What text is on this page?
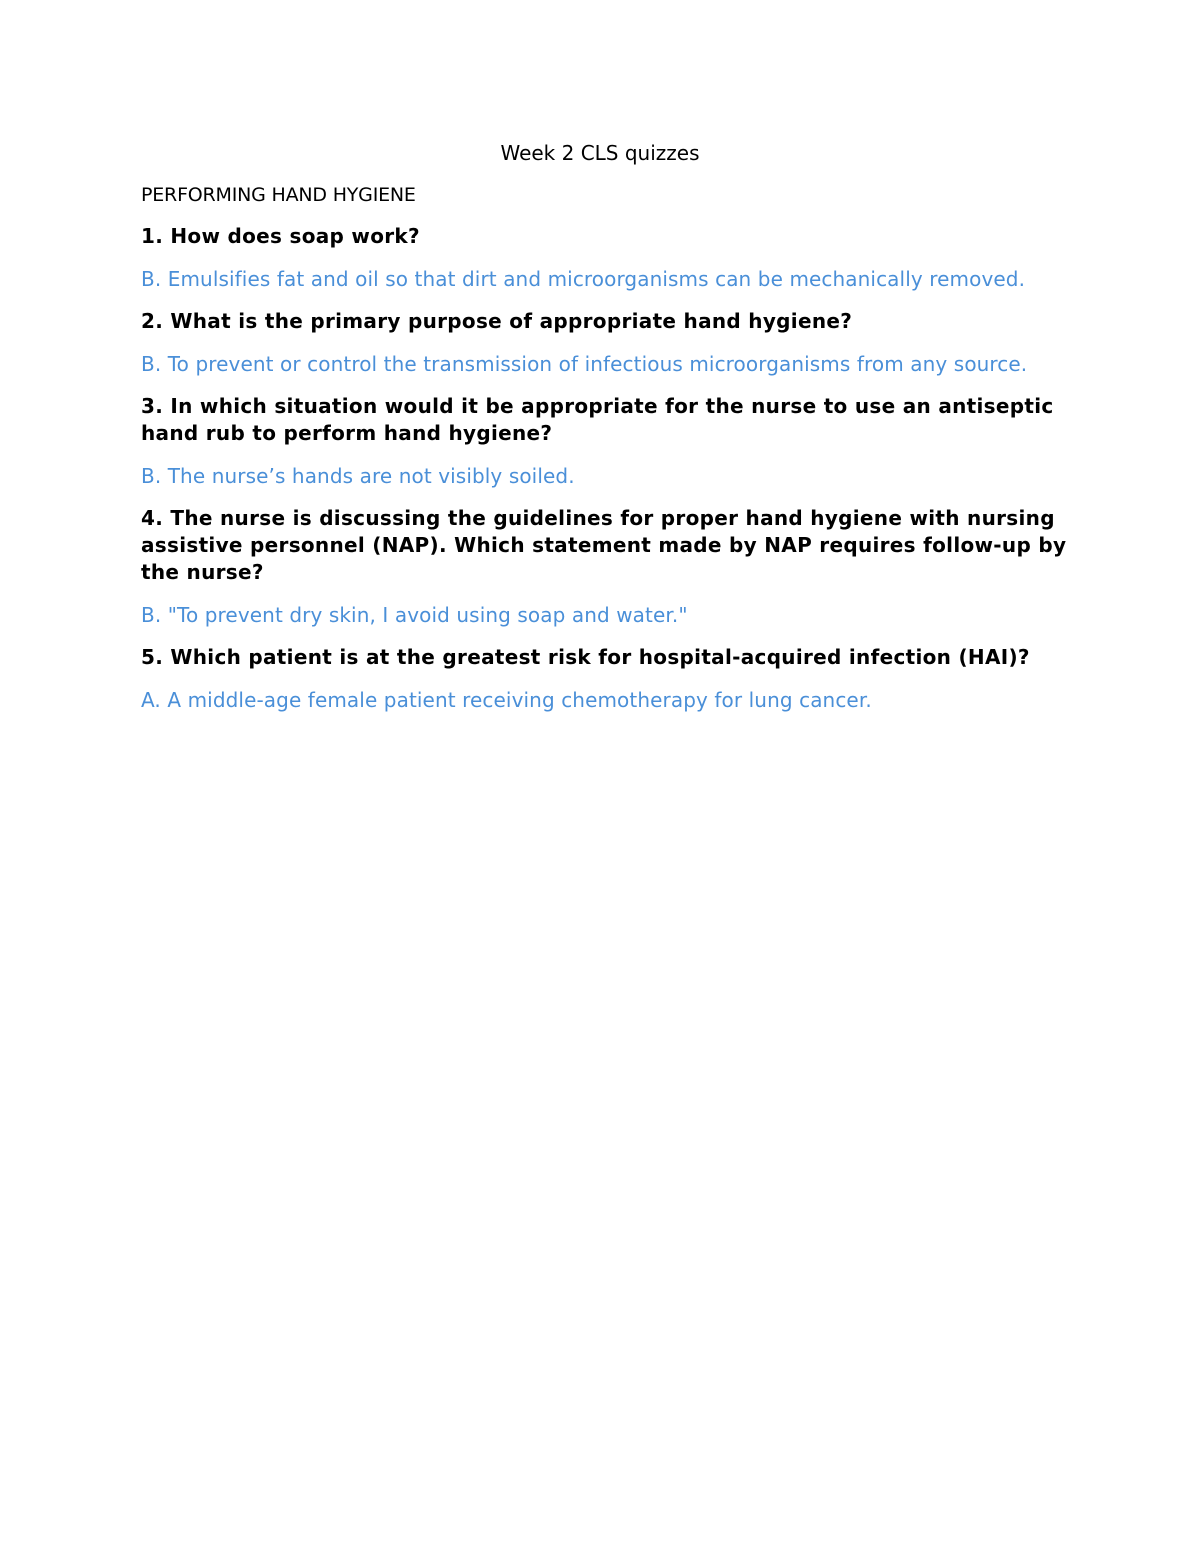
Week 2 CLS quizzes
PERFORMING HAND HYGIENE
1. How does soap work?
B. Emulsifies fat and oil so that dirt and microorganisms can be mechanically removed.
2. What is the primary purpose of appropriate hand hygiene?
B. To prevent or control the transmission of infectious microorganisms from any source.
3. In which situation would it be appropriate for the nurse to use an antiseptic hand rub to perform hand hygiene?
B. The nurse’s hands are not visibly soiled.
4. The nurse is discussing the guidelines for proper hand hygiene with nursing assistive personnel (NAP). Which statement made by NAP requires follow-up by the nurse?
B. "To prevent dry skin, I avoid using soap and water."
5. Which patient is at the greatest risk for hospital-acquired infection (HAI)?
A. A middle-age female patient receiving chemotherapy for lung cancer.
